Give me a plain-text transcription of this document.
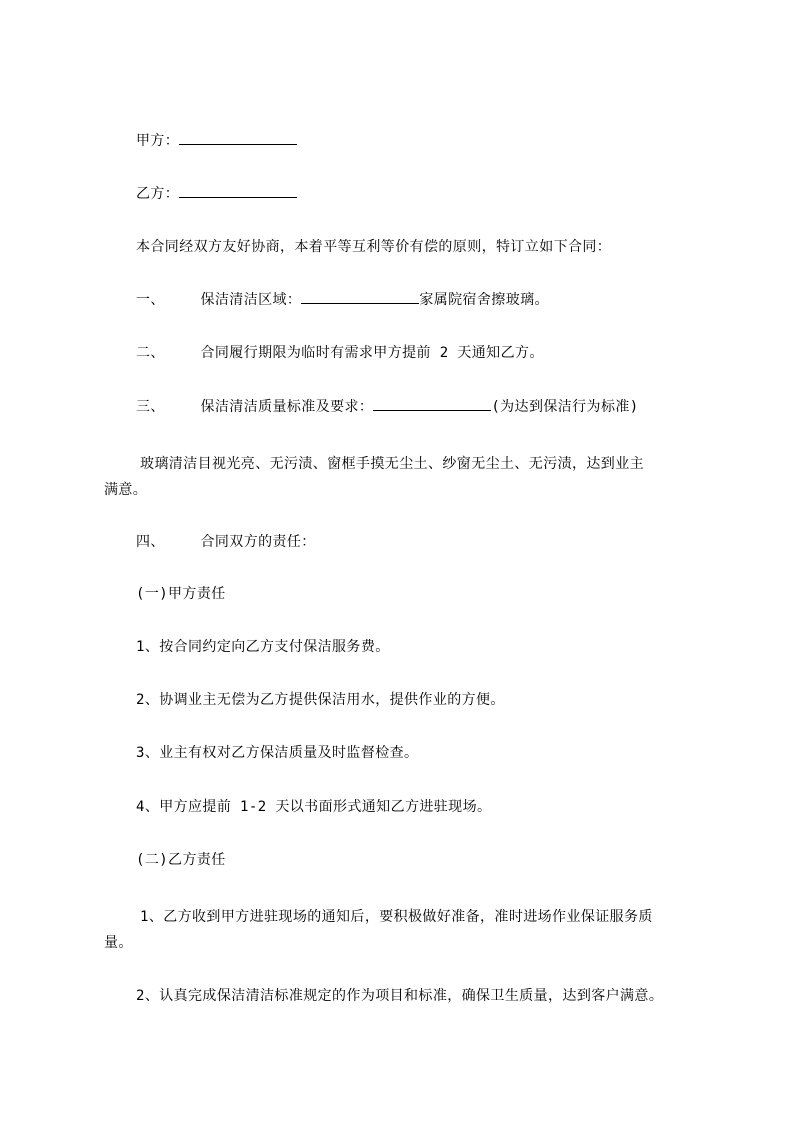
甲方：
乙方：
本合同经双方友好协商，本着平等互利等价有偿的原则，特订立如下合同：
一、	保洁清洁区域：	家属院宿舍擦玻璃。
二、	合同履行期限为临时有需求甲方提前 2 天通知乙方。
三、	保洁清洁质量标准及要求：	(为达到保洁行为标准)
玻璃清洁目视光亮、无污渍、窗框手摸无尘土、纱窗无尘土、无污渍，达到业主
满意。
四、	合同双方的责任：
(一)甲方责任
1、按合同约定向乙方支付保洁服务费。
2、协调业主无偿为乙方提供保洁用水，提供作业的方便。
3、业主有权对乙方保洁质量及时监督检查。
4、甲方应提前 1-2 天以书面形式通知乙方进驻现场。
(二)乙方责任
1、乙方收到甲方进驻现场的通知后，要积极做好准备，准时进场作业保证服务质
量。
2、认真完成保洁清洁标准规定的作为项目和标准，确保卫生质量，达到客户满意。
